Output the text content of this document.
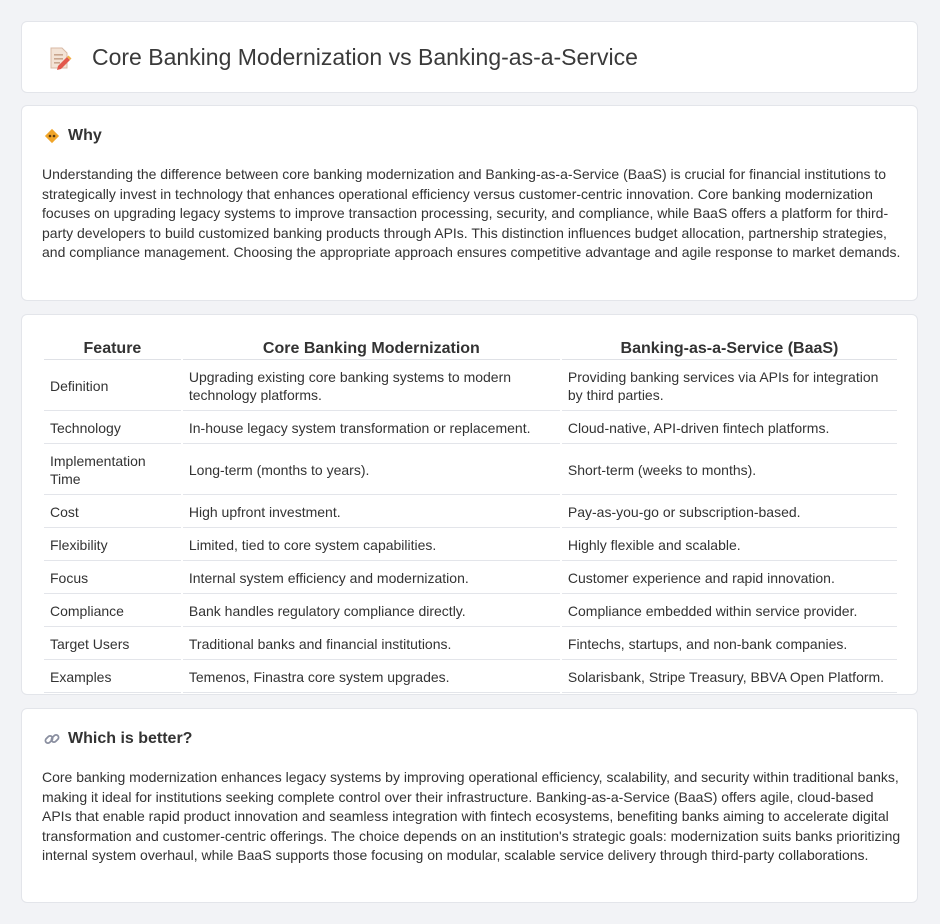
Core Banking Modernization vs Banking-as-a-Service
Why

Understanding the difference between core banking modernization and Banking-as-a-Service (BaaS) is crucial for financial institutions to strategically invest in technology that enhances operational efficiency versus customer-centric innovation. Core banking modernization focuses on upgrading legacy systems to improve transaction processing, security, and compliance, while BaaS offers a platform for third-party developers to build customized banking products through APIs. This distinction influences budget allocation, partnership strategies, and compliance management. Choosing the appropriate approach ensures competitive advantage and agile response to market demands.

Feature	Core Banking Modernization	Banking-as-a-Service (BaaS)
Definition	Upgrading existing core banking systems to modern technology platforms.	Providing banking services via APIs for integration by third parties.
Technology	In-house legacy system transformation or replacement.	Cloud-native, API-driven fintech platforms.
Implementation Time	Long-term (months to years).	Short-term (weeks to months).
Cost	High upfront investment.	Pay-as-you-go or subscription-based.
Flexibility	Limited, tied to core system capabilities.	Highly flexible and scalable.
Focus	Internal system efficiency and modernization.	Customer experience and rapid innovation.
Compliance	Bank handles regulatory compliance directly.	Compliance embedded within service provider.
Target Users	Traditional banks and financial institutions.	Fintechs, startups, and non-bank companies.
Examples	Temenos, Finastra core system upgrades.	Solarisbank, Stripe Treasury, BBVA Open Platform.
Which is better?

Core banking modernization enhances legacy systems by improving operational efficiency, scalability, and security within traditional banks, making it ideal for institutions seeking complete control over their infrastructure. Banking-as-a-Service (BaaS) offers agile, cloud-based APIs that enable rapid product innovation and seamless integration with fintech ecosystems, benefiting banks aiming to accelerate digital transformation and customer-centric offerings. The choice depends on an institution's strategic goals: modernization suits banks prioritizing internal system overhaul, while BaaS supports those focusing on modular, scalable service delivery through third-party collaborations.
